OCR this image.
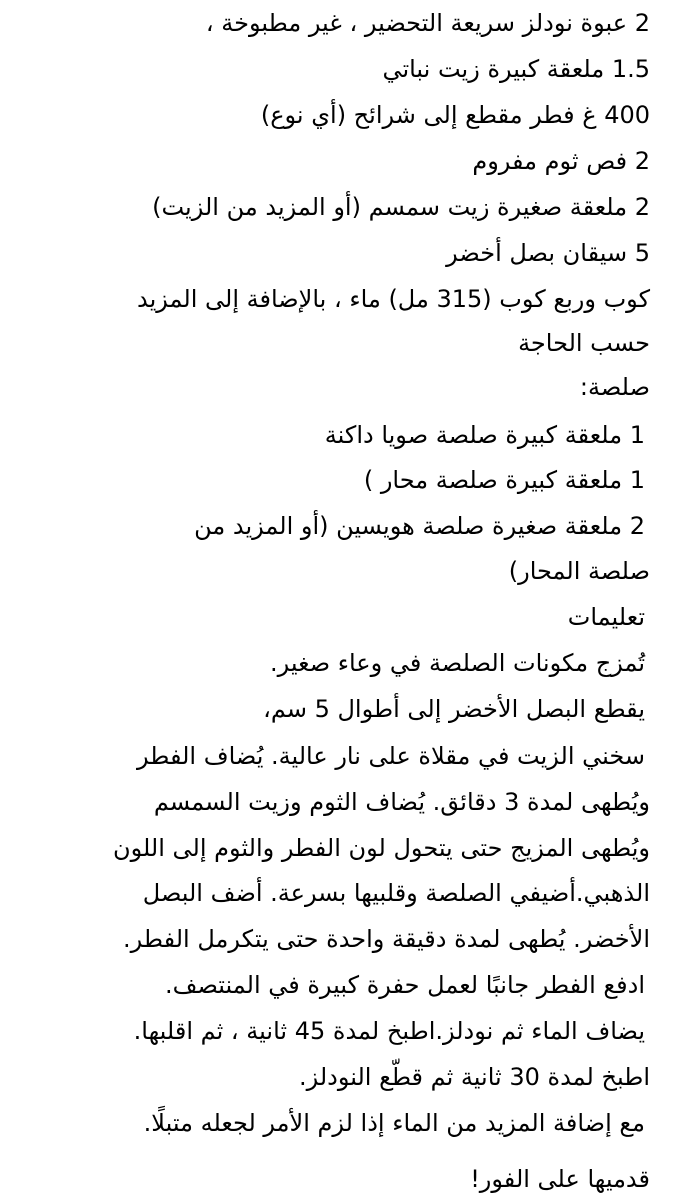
2 عبوة نودلز سريعة التحضير ، غير مطبوخة ،
1.5 ملعقة كبيرة زيت نباتي
400 غ فطر مقطع إلى شرائح (أي نوع)
2 فص ثوم مفروم
2 ملعقة صغيرة زيت سمسم (أو المزيد من الزيت)
5 سيقان بصل أخضر
كوب وربع كوب (315 مل) ماء ، بالإضافة إلى المزيد
حسب الحاجة
صلصة:
1 ملعقة كبيرة صلصة صويا داكنة
1 ملعقة كبيرة صلصة محار )
2 ملعقة صغيرة صلصة هويسين (أو المزيد من
صلصة المحار)
تعليمات
تُمزج مكونات الصلصة في وعاء صغير.
يقطع البصل الأخضر إلى أطوال 5 سم،
سخني الزيت في مقلاة على نار عالية. يُضاف الفطر
ويُطهى لمدة 3 دقائق. يُضاف الثوم وزيت السمسم
ويُطهى المزيج حتى يتحول لون الفطر والثوم إلى اللون
الذهبي.أضيفي الصلصة وقلبيها بسرعة. أضف البصل
الأخضر. يُطهى لمدة دقيقة واحدة حتى يتكرمل الفطر.
ادفع الفطر جانبًا لعمل حفرة كبيرة في المنتصف.
يضاف الماء ثم نودلز.اطبخ لمدة 45 ثانية ، ثم اقلبها.
اطبخ لمدة 30 ثانية ثم قطّع النودلز.
مع إضافة المزيد من الماء إذا لزم الأمر لجعله متبلًا.
قدميها على الفور!
